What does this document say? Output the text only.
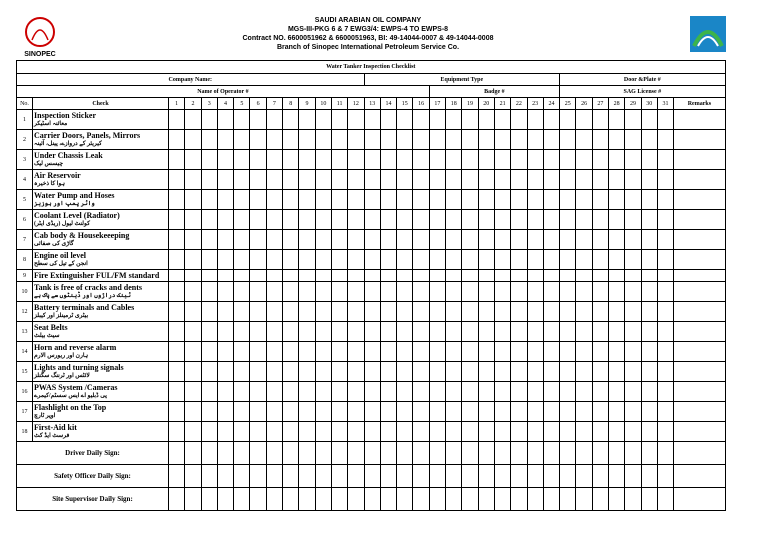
SINOPEC
SAUDI ARABIAN OIL COMPANY
MGS-III-PKG 6 & 7 EWG3/4: EWPS-4 TO EWPS-8
Contract NO. 6600051962 & 6600051963, BI: 49-14044-0007 & 49-14044-0008
Branch of Sinopec International Petroleum Service Co.
Water Tanker Inspection Checklist																																		
Company Name:														Equipment Type												Door &Plate #								
Name of Operator #																		Badge #								SAG License #		
No.	Check	1	2	3	4	5	6	7	8	9	10	11	12	13	14	15	16	17	18	19	20	21	22	23	24	25	26	27	28	29	30	31	Remarks	
1	Inspection Sticker
معائنہ اسٹیکر																																	

2	Carrier Doors, Panels, Mirrors
کیریئر کے دروازے، پینل، آئینہ																																	

3	Under Chassis Leak
چیسس لیک																																	

4	Air Reservoir
ہوا کا ذخیرہ																																	

5	Water Pump and Hoses
واٹر پمپ اور ہوزیز																																	

6	Coolant Level (Radiator)
کولنٹ لیول (ریڈی ایٹر)																																	

7	Cab body & Housekeeeping
گاڑی کی صفائی																																	

8	Engine oil level
انجن کے تیل کی سطح																																	

9	Fire Extinguisher FUL/FM standard																																	

10	Tank is free of cracks and dents
ٹینک دراڑوں اور ڈینٹوں سے پاک ہے																																	

12	Battery terminals and Cables
بیٹری ٹرمینلز اور کیبلز																																	

13	Seat Belts
سیٹ بیلٹ																																	

14	Horn and reverse alarm
ہارن اور ریورس الارم																																	

15	Lights and turning signals
لائٹس اور ٹرننگ سگنلز																																	

16	PWAS System /Cameras
پی ڈبلیو اے ایس سسٹم/کیمرے																																	

17	Flashlight on the Top
اوپر ٹارچ																																	

18	First-Aid kit
فرسٹ ایڈ کٹ																																	

Driver Daily Sign:																																		
Safety Officer Daily Sign:																																		
Site Supervisor Daily Sign:																																		
